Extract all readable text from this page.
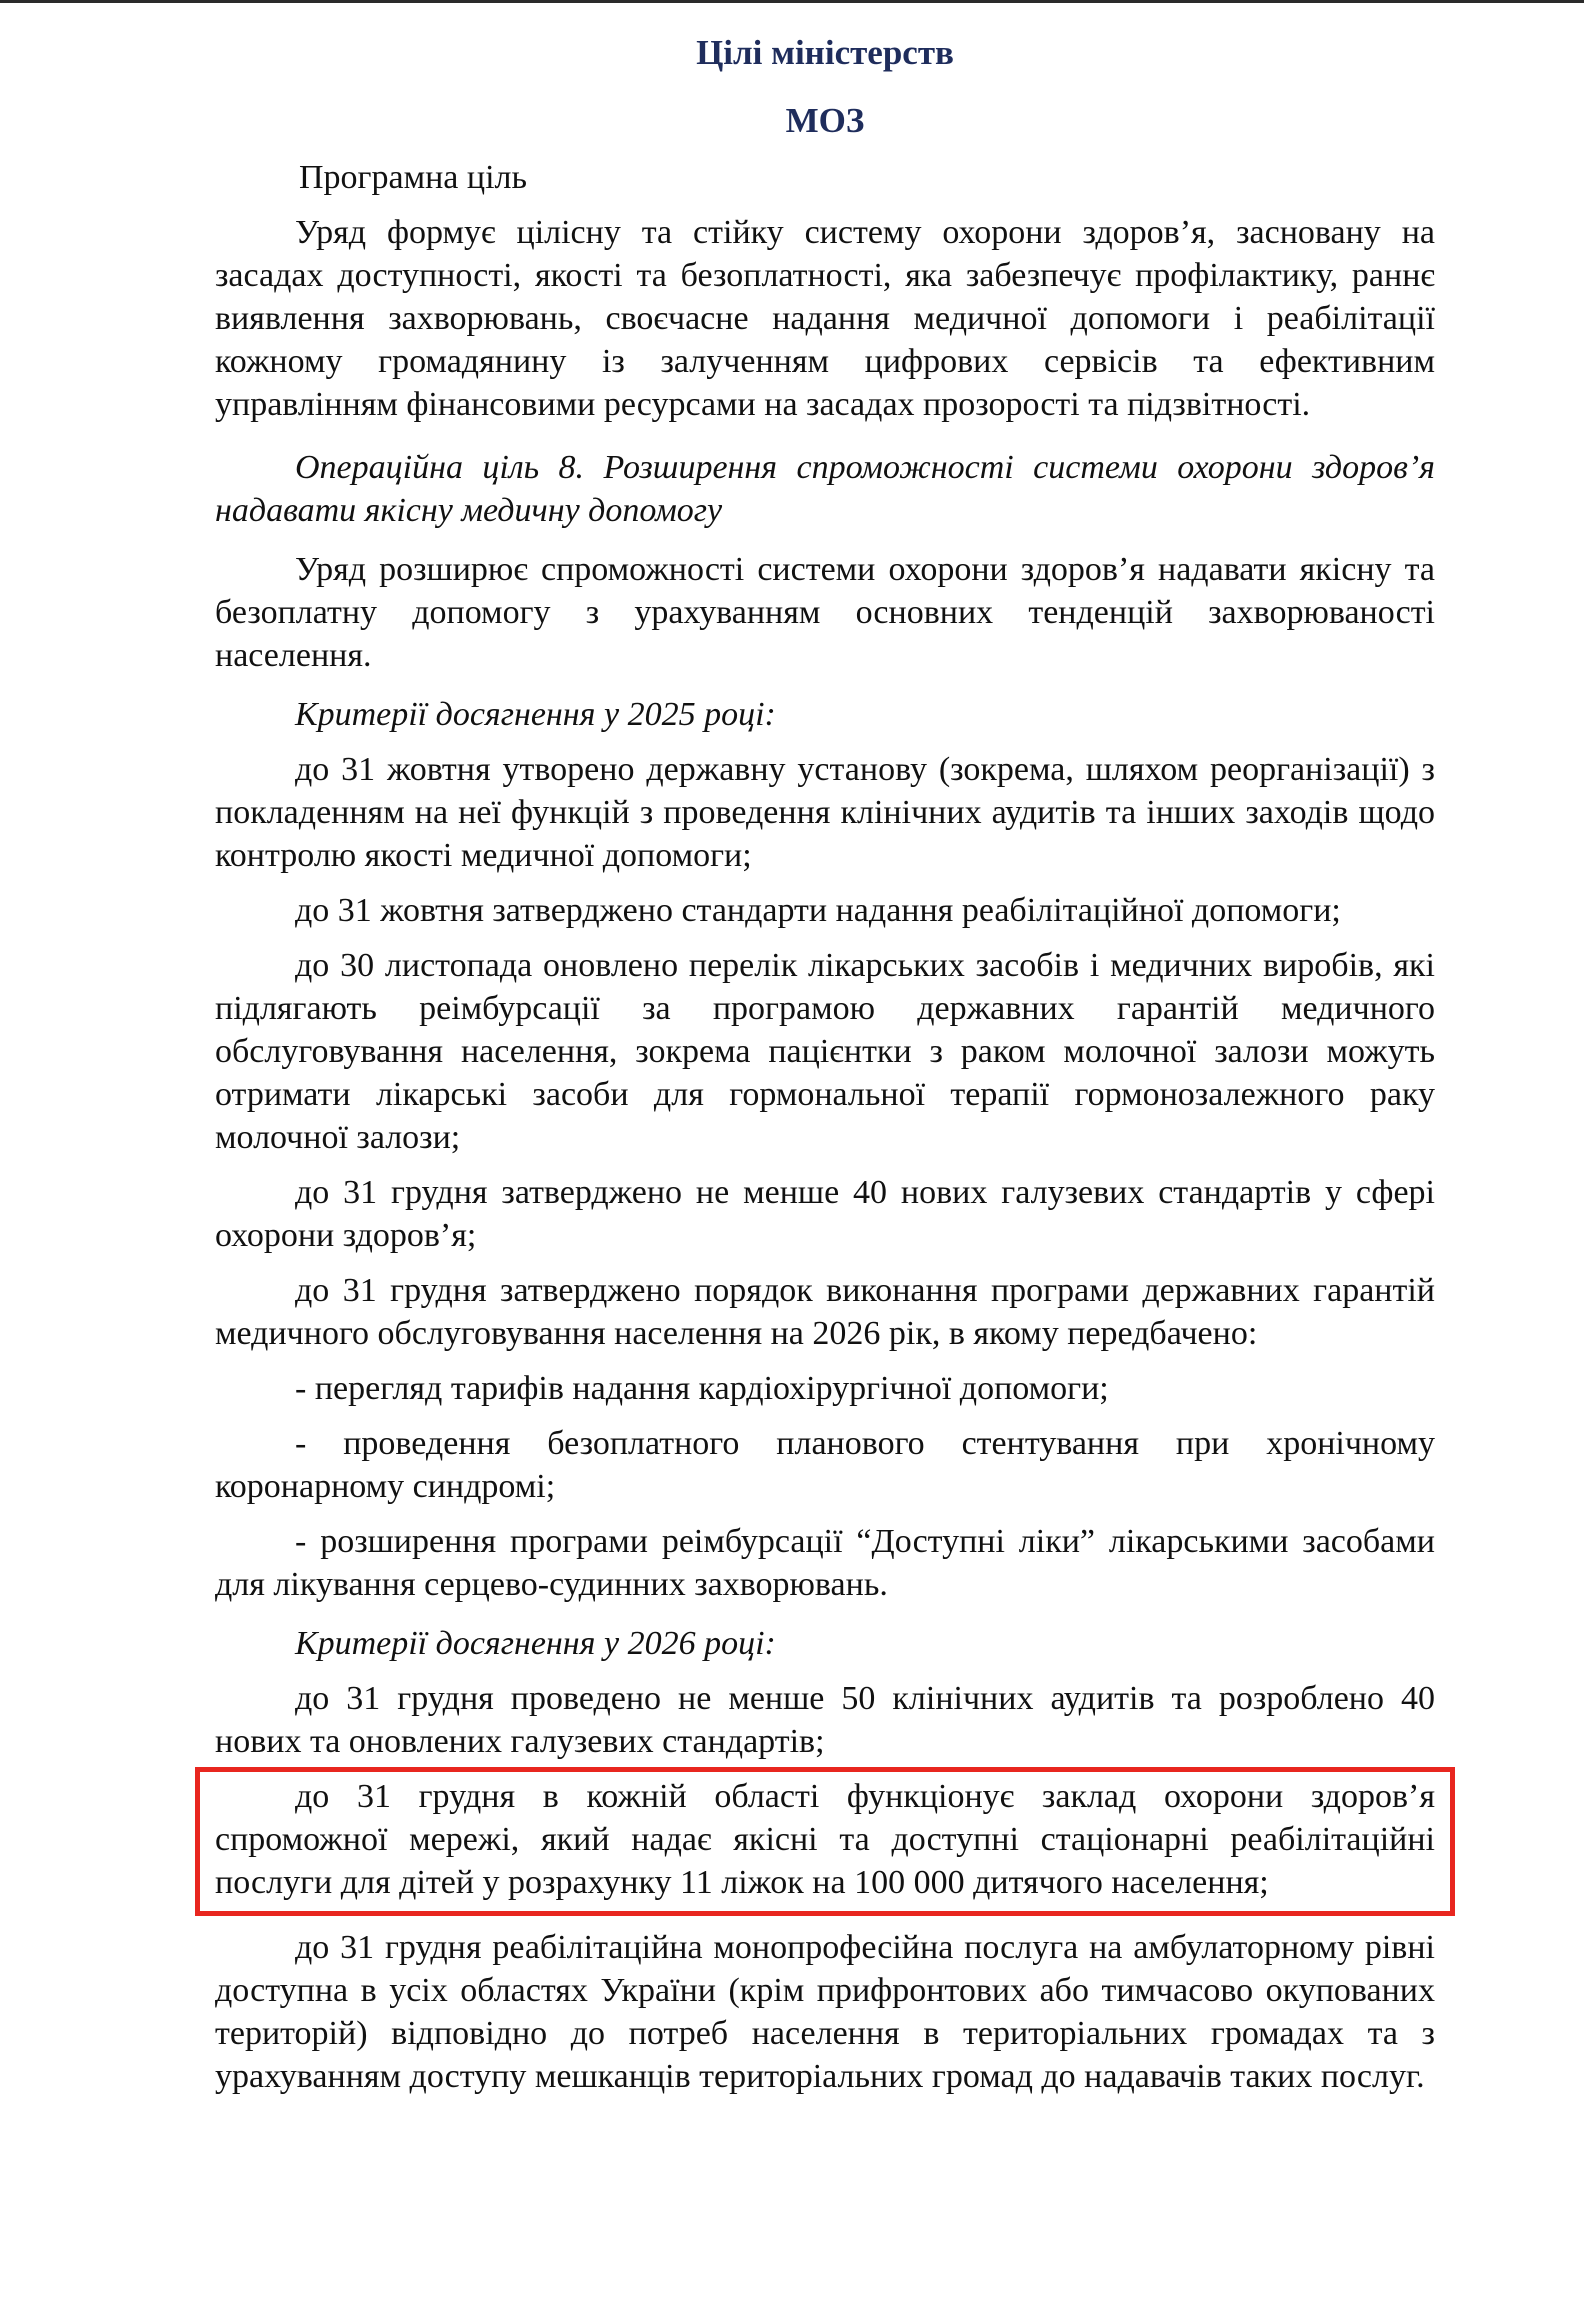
Цілі міністерств
МОЗ

Програмна ціль

Уряд формує цілісну та стійку систему охорони здоров’я, засновану на засадах доступності, якості та безоплатності, яка забезпечує профілактику, раннє виявлення захворювань, своєчасне надання медичної допомоги і реабілітації кожному громадянину із залученням цифрових сервісів та ефективним управлінням фінансовими ресурсами на засадах прозорості та підзвітності.

Операційна ціль 8. Розширення спроможності системи охорони здоров’я надавати якісну медичну допомогу

Уряд розширює спроможності системи охорони здоров’я надавати якісну та безоплатну допомогу з урахуванням основних тенденцій захворюваності населення.

Критерії досягнення у 2025 році:

до 31 жовтня утворено державну установу (зокрема, шляхом реорганізації) з покладенням на неї функцій з проведення клінічних аудитів та інших заходів щодо контролю якості медичної допомоги;

до 31 жовтня затверджено стандарти надання реабілітаційної допомоги;

до 30 листопада оновлено перелік лікарських засобів і медичних виробів, які підлягають реімбурсації за програмою державних гарантій медичного обслуговування населення, зокрема пацієнтки з раком молочної залози можуть отримати лікарські засоби для гормональної терапії гормонозалежного раку молочної залози;

до 31 грудня затверджено не менше 40 нових галузевих стандартів у сфері охорони здоров’я;

до 31 грудня затверджено порядок виконання програми державних гарантій медичного обслуговування населення на 2026 рік, в якому передбачено:

- перегляд тарифів надання кардіохірургічної допомоги;

- проведення безоплатного планового стентування при хронічному коронарному синдромі;

- розширення програми реімбурсації “Доступні ліки” лікарськими засобами для лікування серцево-судинних захворювань.

Критерії досягнення у 2026 році:

до 31 грудня проведено не менше 50 клінічних аудитів та розроблено 40 нових та оновлених галузевих стандартів;

до 31 грудня в кожній області функціонує заклад охорони здоров’я спроможної мережі, який надає якісні та доступні стаціонарні реабілітаційні послуги для дітей у розрахунку 11 ліжок на 100 000 дитячого населення;

до 31 грудня реабілітаційна монопрофесійна послуга на амбулаторному рівні доступна в усіх областях України (крім прифронтових або тимчасово окупованих територій) відповідно до потреб населення в територіальних громадах та з урахуванням доступу мешканців територіальних громад до надавачів таких послуг.
